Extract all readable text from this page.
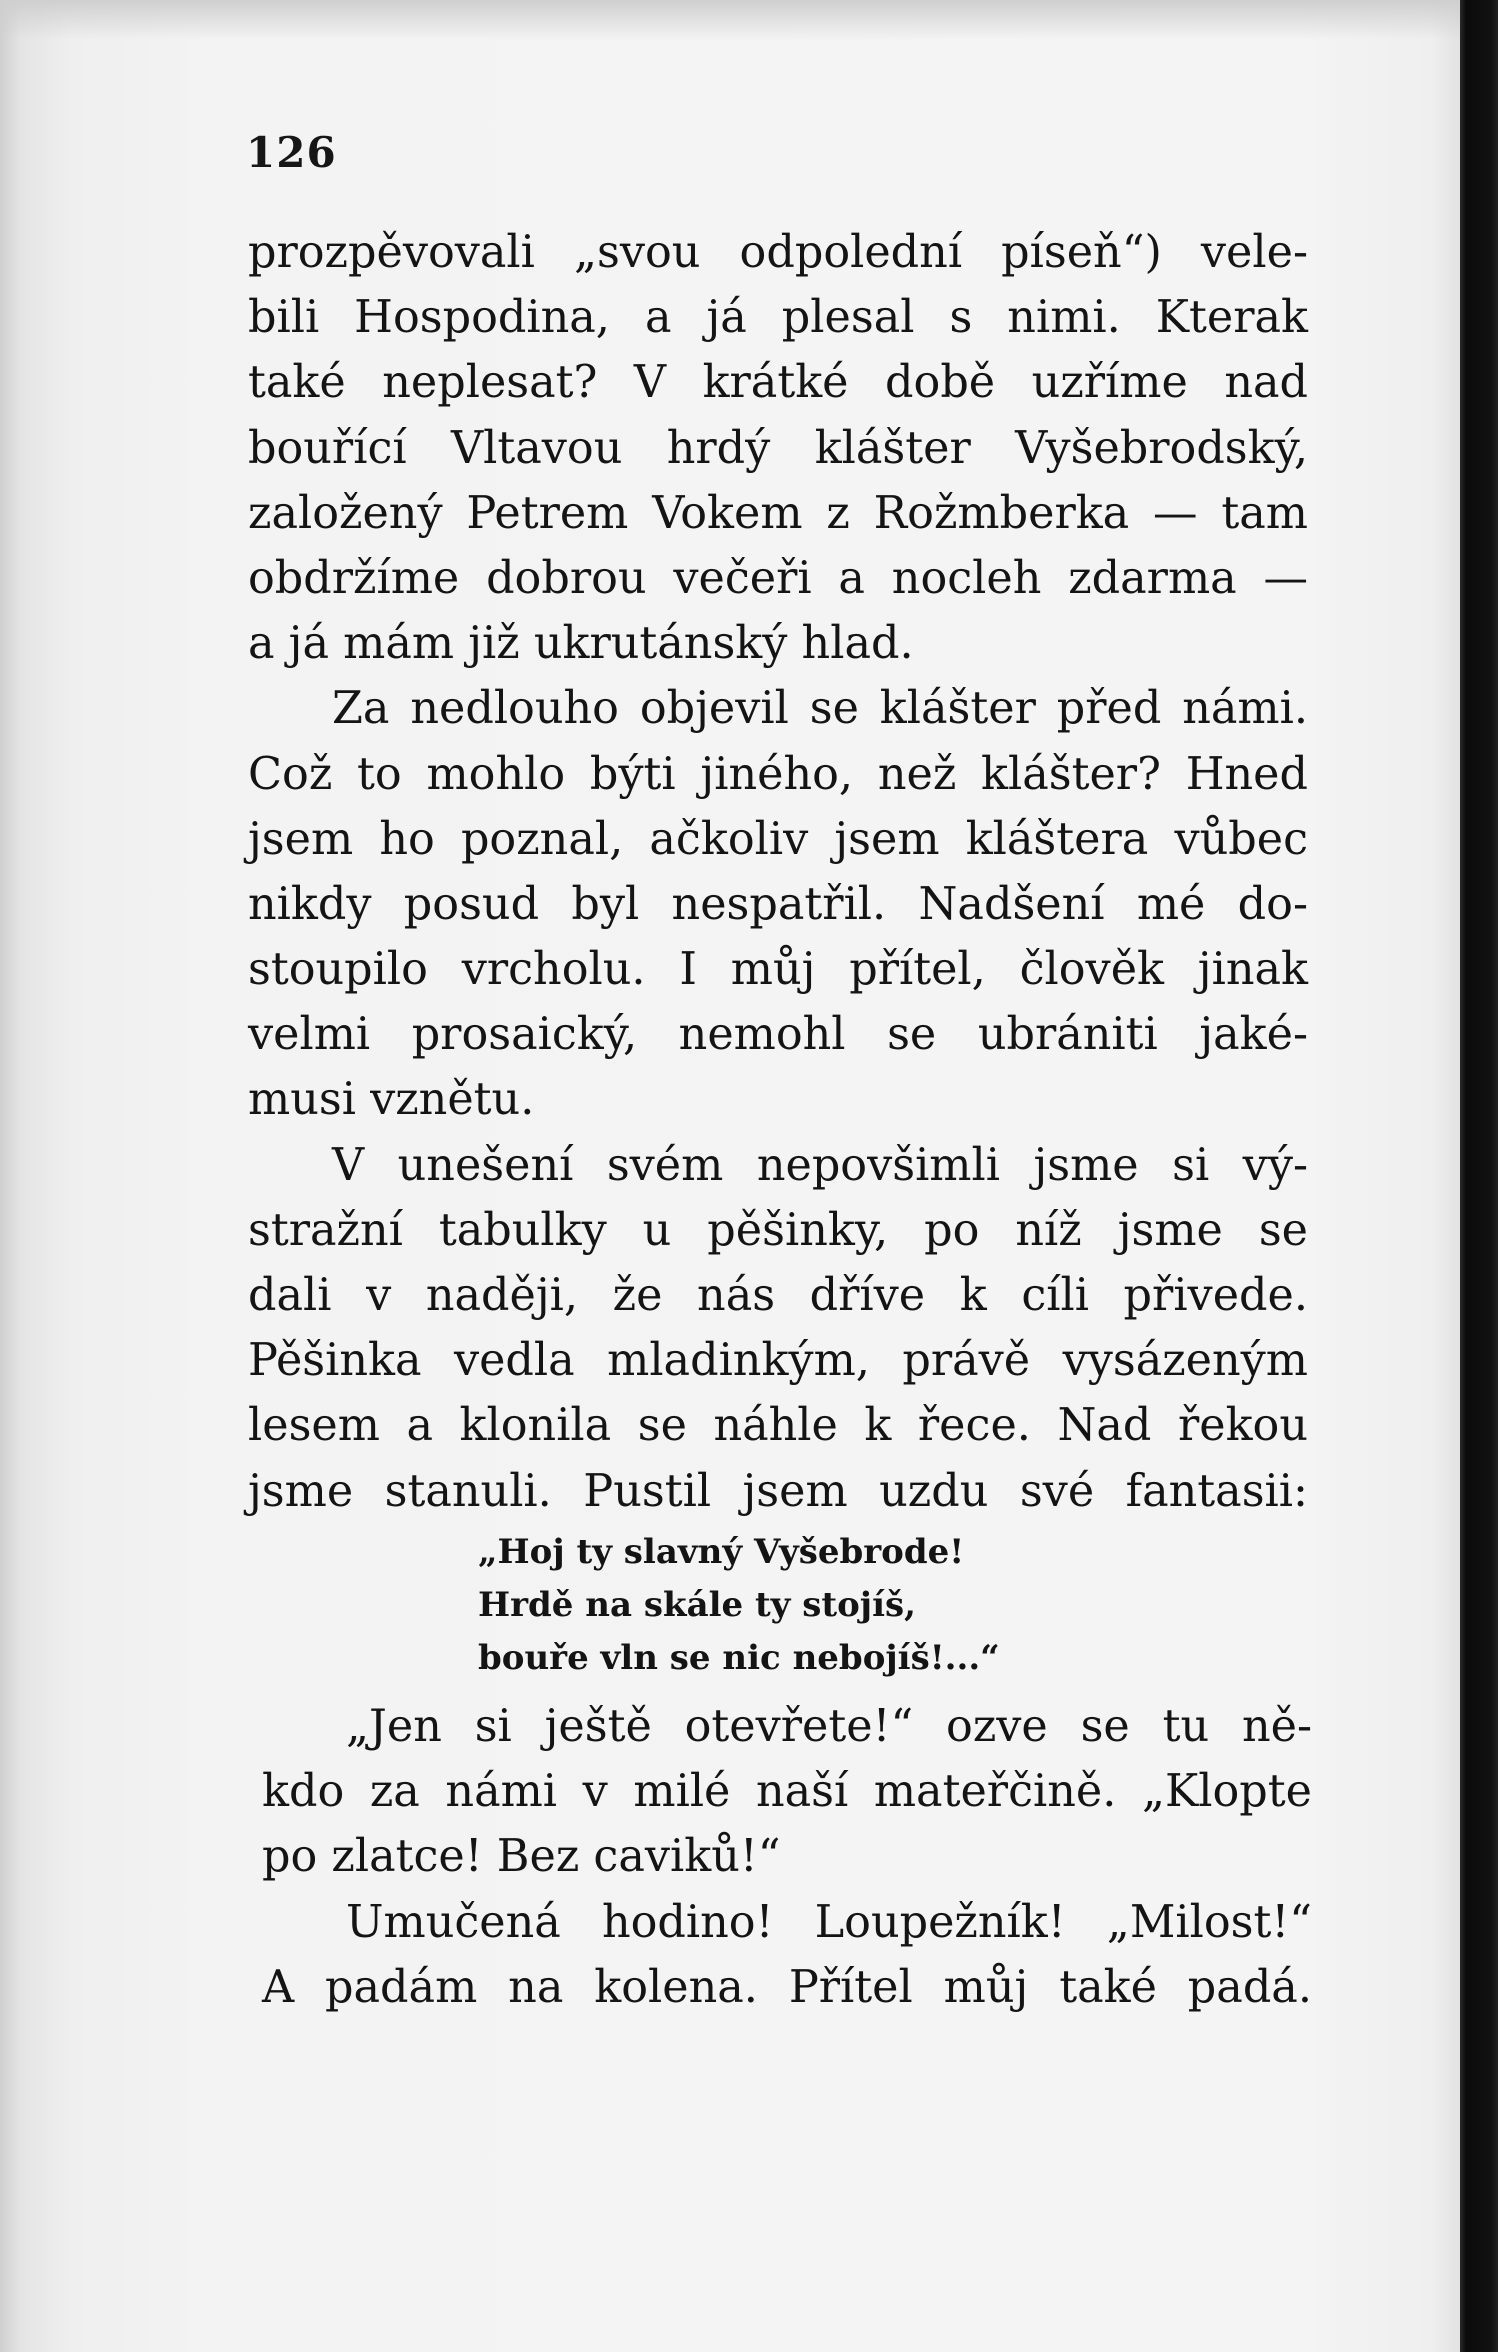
126
prozpěvovali „svou odpolední píseň“) vele-
bili Hospodina, a já plesal s nimi. Kterak
také neplesat? V krátké době uzříme nad
bouřící Vltavou hrdý klášter Vyšebrodský,
založený Petrem Vokem z Rožmberka — tam
obdržíme dobrou večeři a nocleh zdarma —
a já mám již ukrutánský hlad.
Za nedlouho objevil se klášter před námi.
Což to mohlo býti jiného, než klášter? Hned
jsem ho poznal, ačkoliv jsem kláštera vůbec
nikdy posud byl nespatřil. Nadšení mé do-
stoupilo vrcholu. I můj přítel, člověk jinak
velmi prosaický, nemohl se ubrániti jaké-
musi vznětu.
V unešení svém nepovšimli jsme si vý-
stražní tabulky u pěšinky, po níž jsme se
dali v naději, že nás dříve k cíli přivede.
Pěšinka vedla mladinkým, právě vysázeným
lesem a klonila se náhle k řece. Nad řekou
jsme stanuli. Pustil jsem uzdu své fantasii:
„Hoj ty slavný Vyšebrode!
Hrdě na skále ty stojíš,
bouře vln se nic nebojíš!...“
„Jen si ještě otevřete!“ ozve se tu ně-
kdo za námi v milé naší mateřčině. „Klopte
po zlatce! Bez caviků!“
Umučená hodino! Loupežník! „Milost!“
A padám na kolena. Přítel můj také padá.
